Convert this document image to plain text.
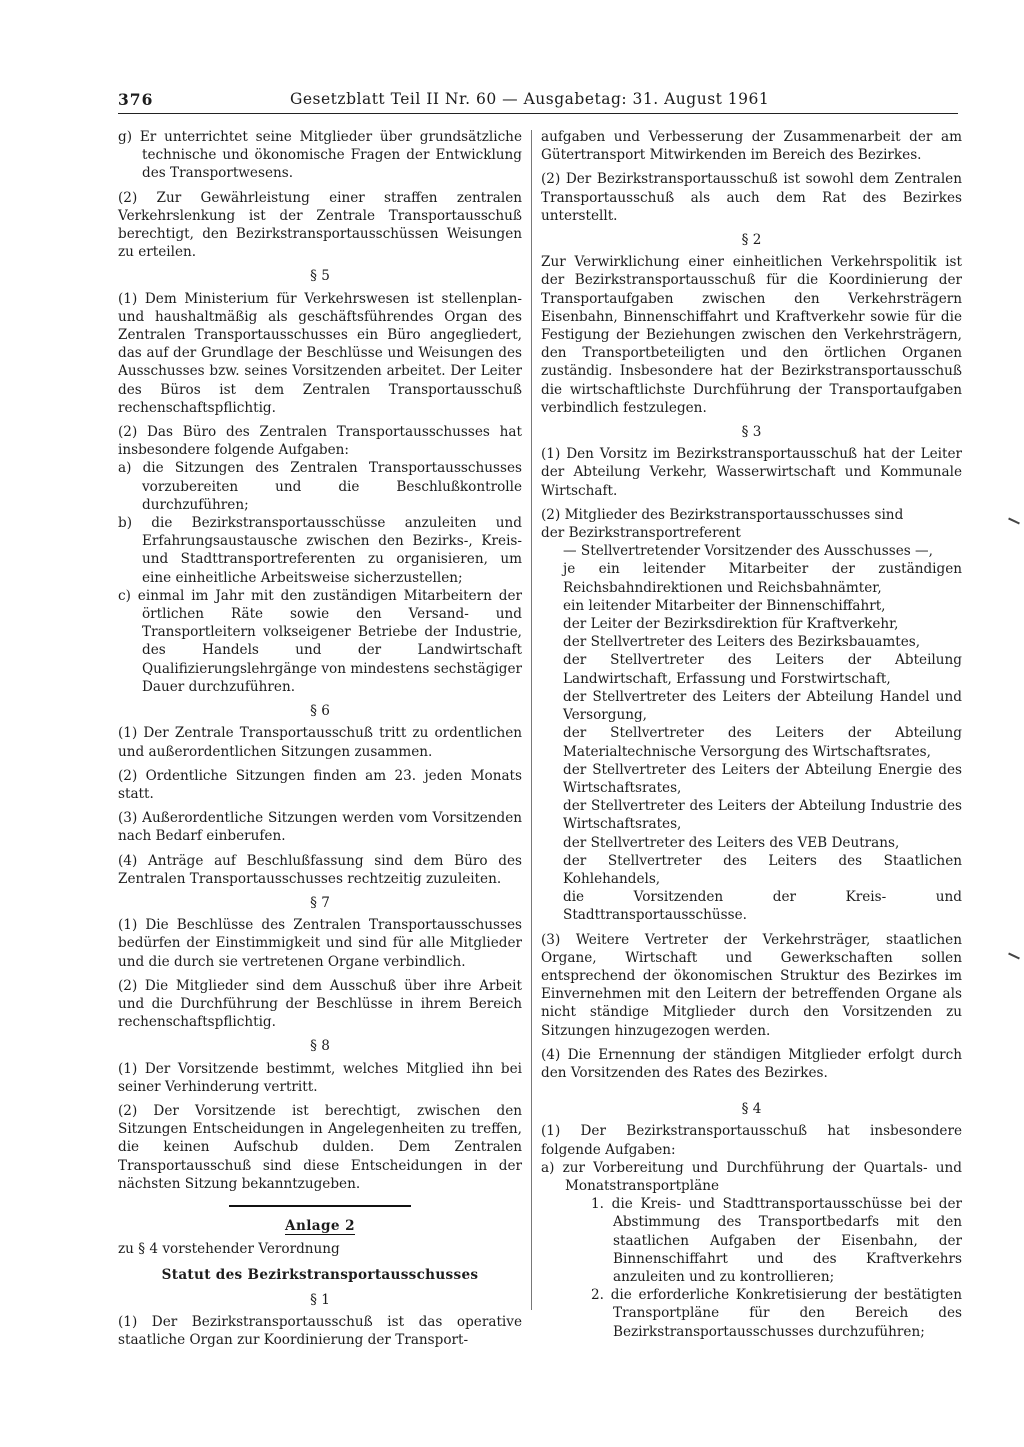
376	Gesetzblatt Teil II Nr. 60 — Ausgabetag: 31. August 1961

g) Er unterrichtet seine Mitglieder über grundsätzliche technische und ökonomische Fragen der Entwicklung des Transportwesens.

(2) Zur Gewährleistung einer straffen zentralen Verkehrslenkung ist der Zentrale Transportausschuß berechtigt, den Bezirkstransportausschüssen Weisungen zu erteilen.

§ 5

(1) Dem Ministerium für Verkehrswesen ist stellenplan- und haushaltmäßig als geschäftsführendes Organ des Zentralen Transportausschusses ein Büro angegliedert, das auf der Grundlage der Beschlüsse und Weisungen des Ausschusses bzw. seines Vorsitzenden arbeitet. Der Leiter des Büros ist dem Zentralen Transportausschuß rechenschaftspflichtig.

(2) Das Büro des Zentralen Transportausschusses hat insbesondere folgende Aufgaben:

a) die Sitzungen des Zentralen Transportausschusses vorzubereiten und die Beschlußkontrolle durchzuführen;

b) die Bezirkstransportausschüsse anzuleiten und Erfahrungsaustausche zwischen den Bezirks-, Kreis- und Stadttransportreferenten zu organisieren, um eine einheitliche Arbeitsweise sicherzustellen;

c) einmal im Jahr mit den zuständigen Mitarbeitern der örtlichen Räte sowie den Versand- und Transportleitern volkseigener Betriebe der Industrie, des Handels und der Landwirtschaft Qualifizierungslehrgänge von mindestens sechstägiger Dauer durchzuführen.

§ 6

(1) Der Zentrale Transportausschuß tritt zu ordentlichen und außerordentlichen Sitzungen zusammen.

(2) Ordentliche Sitzungen finden am 23. jeden Monats statt.

(3) Außerordentliche Sitzungen werden vom Vorsitzenden nach Bedarf einberufen.

(4) Anträge auf Beschlußfassung sind dem Büro des Zentralen Transportausschusses rechtzeitig zuzuleiten.

§ 7

(1) Die Beschlüsse des Zentralen Transportausschusses bedürfen der Einstimmigkeit und sind für alle Mitglieder und die durch sie vertretenen Organe verbindlich.

(2) Die Mitglieder sind dem Ausschuß über ihre Arbeit und die Durchführung der Beschlüsse in ihrem Bereich rechenschaftspflichtig.

§ 8

(1) Der Vorsitzende bestimmt, welches Mitglied ihn bei seiner Verhinderung vertritt.

(2) Der Vorsitzende ist berechtigt, zwischen den Sitzungen Entscheidungen in Angelegenheiten zu treffen, die keinen Aufschub dulden. Dem Zentralen Transportausschuß sind diese Entscheidungen in der nächsten Sitzung bekanntzugeben.

Anlage 2

zu § 4 vorstehender Verordnung

Statut des Bezirkstransportausschusses

§ 1

(1) Der Bezirkstransportausschuß ist das operative staatliche Organ zur Koordinierung der Transport-

aufgaben und Verbesserung der Zusammenarbeit der am Gütertransport Mitwirkenden im Bereich des Bezirkes.

(2) Der Bezirkstransportausschuß ist sowohl dem Zentralen Transportausschuß als auch dem Rat des Bezirkes unterstellt.

§ 2

Zur Verwirklichung einer einheitlichen Verkehrspolitik ist der Bezirkstransportausschuß für die Koordinierung der Transportaufgaben zwischen den Verkehrsträgern Eisenbahn, Binnenschiffahrt und Kraftverkehr sowie für die Festigung der Beziehungen zwischen den Verkehrsträgern, den Transportbeteiligten und den örtlichen Organen zuständig. Insbesondere hat der Bezirkstransportausschuß die wirtschaftlichste Durchführung der Transportaufgaben verbindlich festzulegen.

§ 3

(1) Den Vorsitz im Bezirkstransportausschuß hat der Leiter der Abteilung Verkehr, Wasserwirtschaft und Kommunale Wirtschaft.

(2) Mitglieder des Bezirkstransportausschusses sind

der Bezirkstransportreferent

— Stellvertretender Vorsitzender des Ausschusses —,

je ein leitender Mitarbeiter der zuständigen Reichsbahndirektionen und Reichsbahnämter,

ein leitender Mitarbeiter der Binnenschiffahrt,

der Leiter der Bezirksdirektion für Kraftverkehr,

der Stellvertreter des Leiters des Bezirksbauamtes,

der Stellvertreter des Leiters der Abteilung Landwirtschaft, Erfassung und Forstwirtschaft,

der Stellvertreter des Leiters der Abteilung Handel und Versorgung,

der Stellvertreter des Leiters der Abteilung Materialtechnische Versorgung des Wirtschaftsrates,

der Stellvertreter des Leiters der Abteilung Energie des Wirtschaftsrates,

der Stellvertreter des Leiters der Abteilung Industrie des Wirtschaftsrates,

der Stellvertreter des Leiters des VEB Deutrans,

der Stellvertreter des Leiters des Staatlichen Kohlehandels,

die Vorsitzenden der Kreis- und Stadttransportausschüsse.

(3) Weitere Vertreter der Verkehrsträger, staatlichen Organe, Wirtschaft und Gewerkschaften sollen entsprechend der ökonomischen Struktur des Bezirkes im Einvernehmen mit den Leitern der betreffenden Organe als nicht ständige Mitglieder durch den Vorsitzenden zu Sitzungen hinzugezogen werden.

(4) Die Ernennung der ständigen Mitglieder erfolgt durch den Vorsitzenden des Rates des Bezirkes.

§ 4

(1) Der Bezirkstransportausschuß hat insbesondere folgende Aufgaben:

a) zur Vorbereitung und Durchführung der Quartals- und Monatstransportpläne

1. die Kreis- und Stadttransportausschüsse bei der Abstimmung des Transportbedarfs mit den staatlichen Aufgaben der Eisenbahn, der Binnenschiffahrt und des Kraftverkehrs anzuleiten und zu kontrollieren;

2. die erforderliche Konkretisierung der bestätigten Transportpläne für den Bereich des Bezirkstransportausschusses durchzuführen;
